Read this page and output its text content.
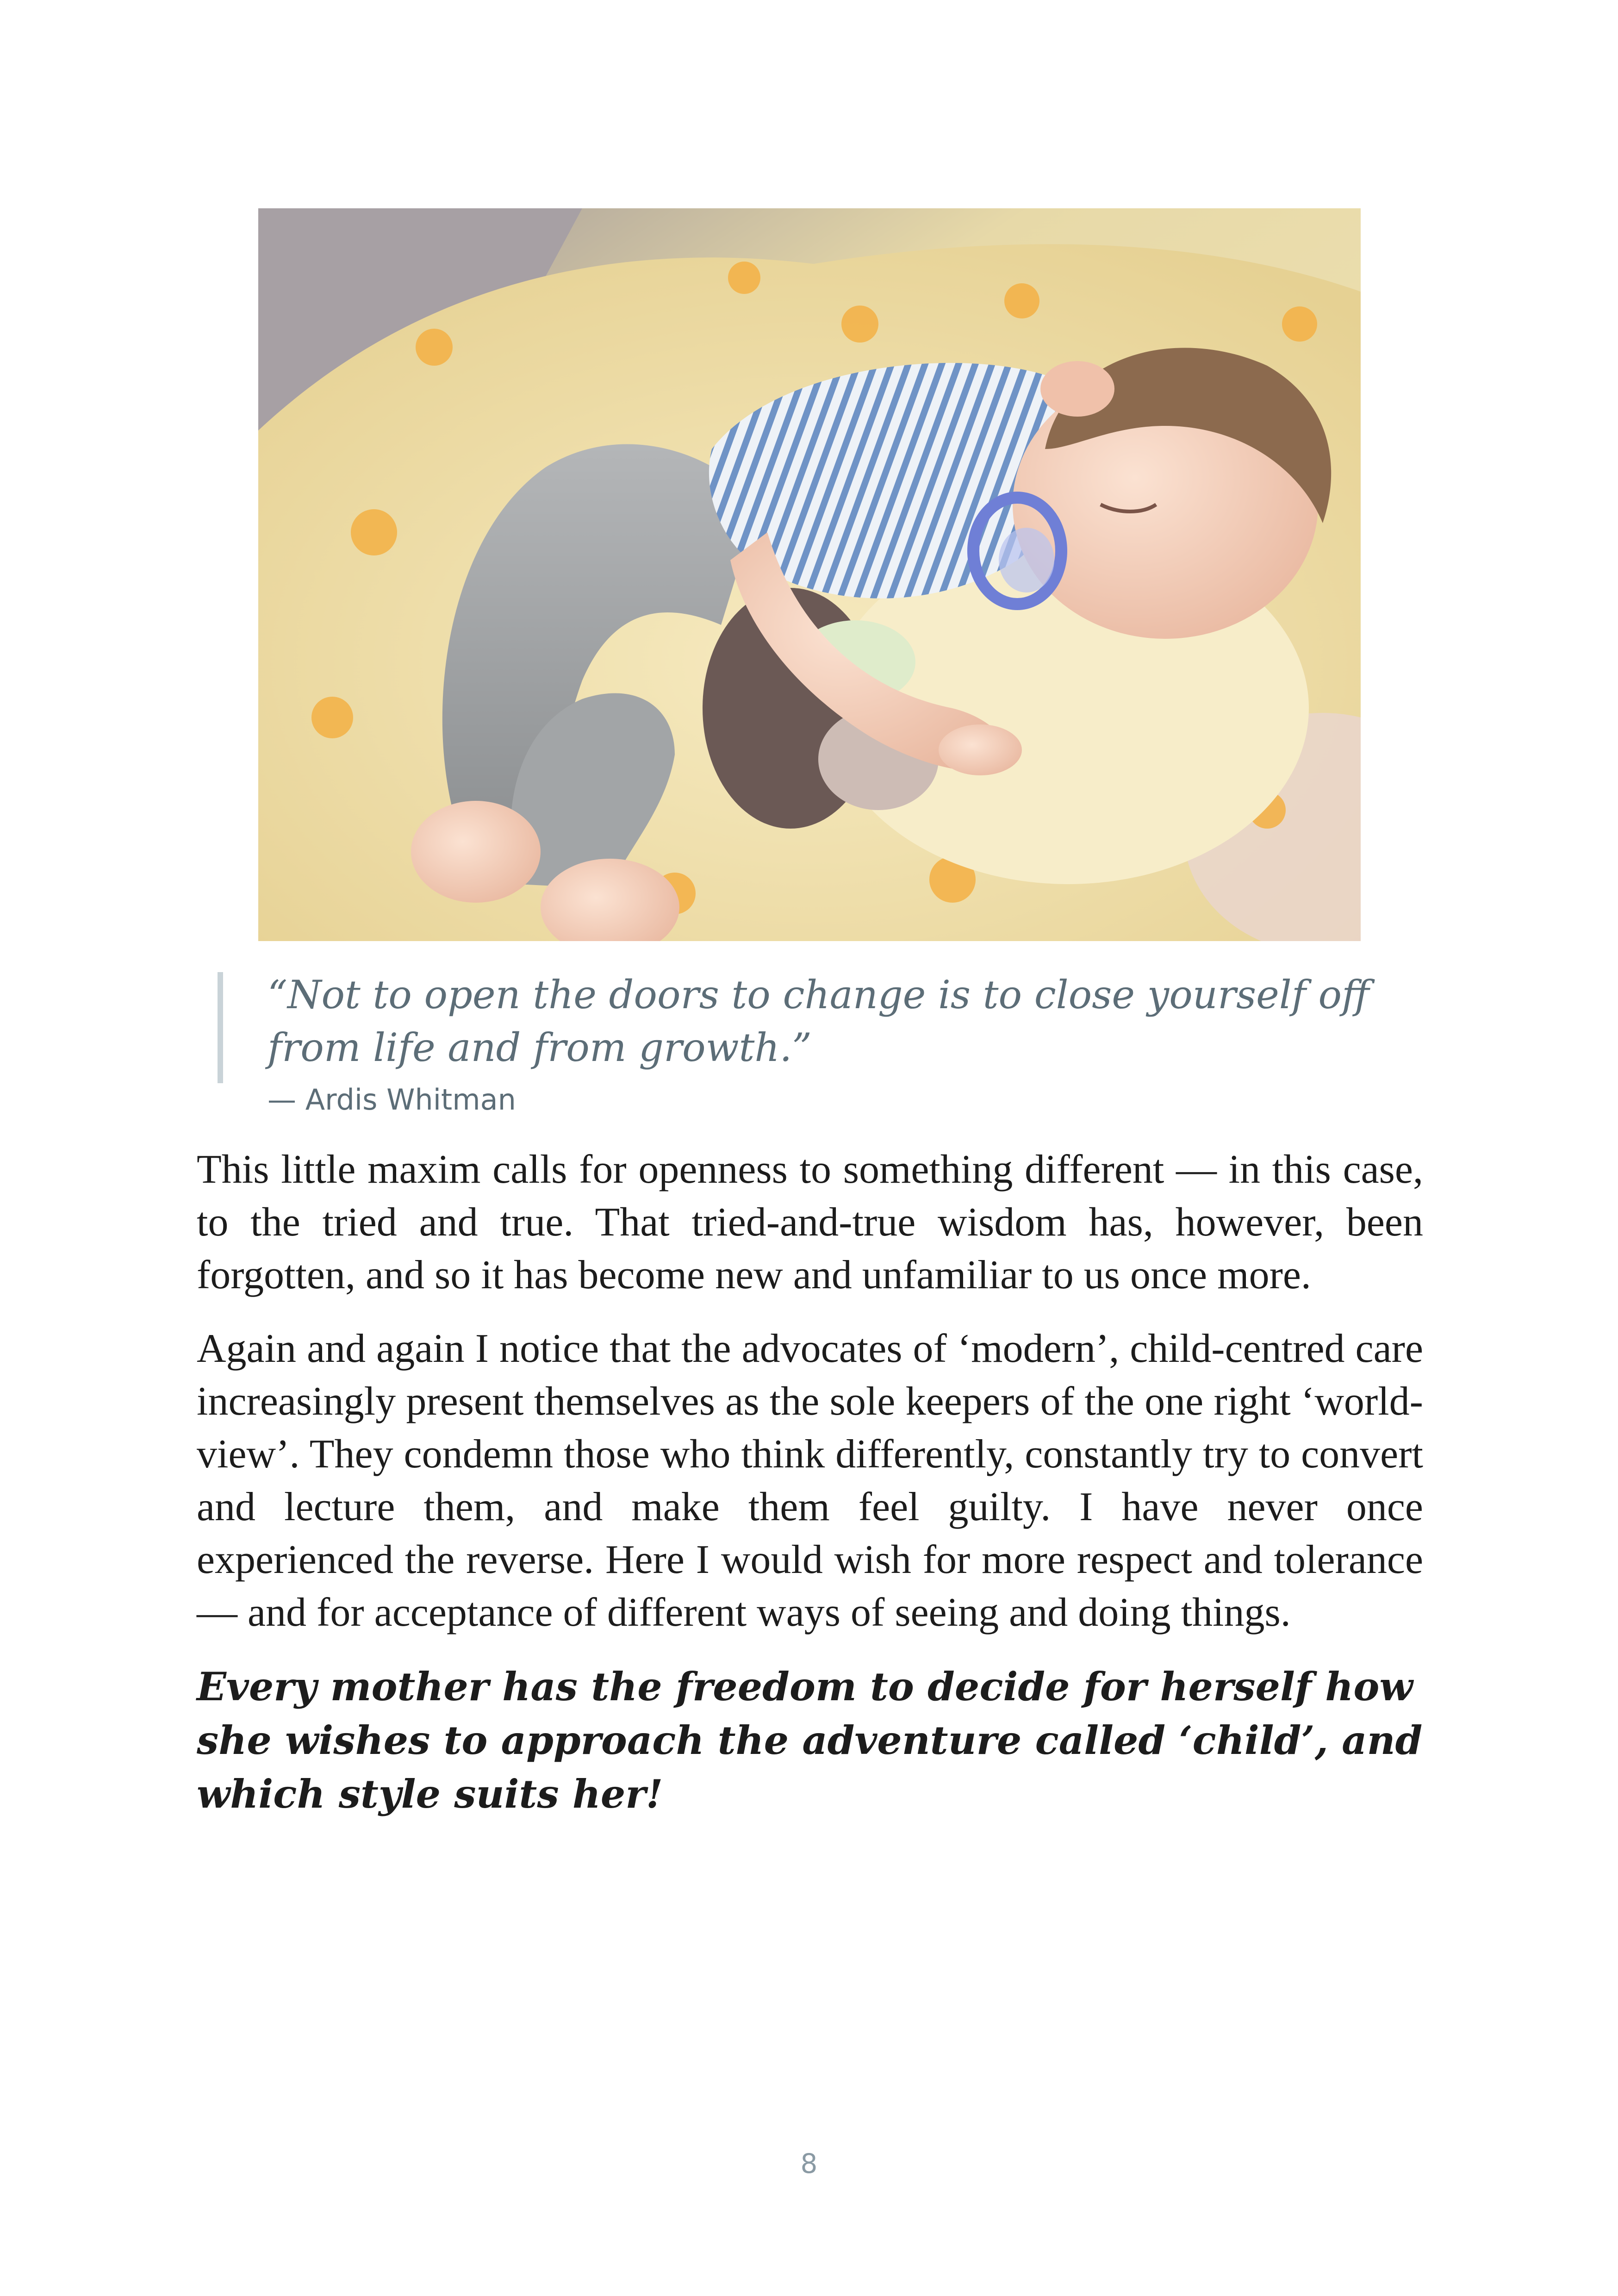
“Not to open the doors to change is to close yourself off from life and from growth.”
— Ardis Whitman

This little maxim calls for openness to something different — in this case, to the tried and true. That tried-and-true wisdom has, however, been forgotten, and so it has become new and unfamiliar to us once more.

Again and again I notice that the advocates of ‘modern’, child-centred care increasingly present themselves as the sole keepers of the one right ‘world-view’. They condemn those who think differently, constantly try to convert and lecture them, and make them feel guilty. I have never once experienced the reverse. Here I would wish for more respect and tolerance — and for acceptance of different ways of seeing and doing things.

Every mother has the freedom to decide for herself how she wishes to approach the adventure called ‘child’, and which style suits her!

8
